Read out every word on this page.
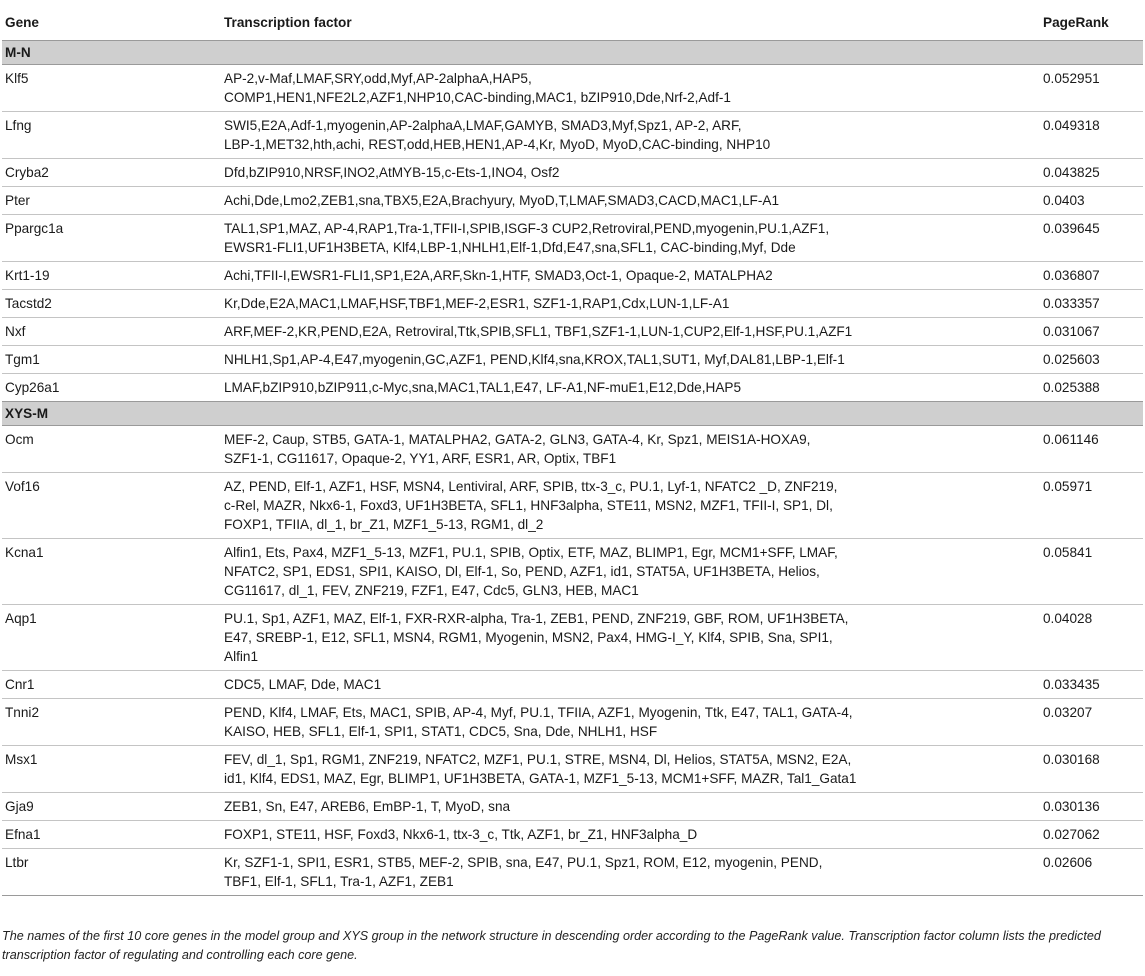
Gene	Transcription factor	PageRank
M-N		
Klf5	AP-2,v-Maf,LMAF,SRY,odd,Myf,AP-2alphaA,HAP5,
COMP1,HEN1,NFE2L2,AZF1,NHP10,CAC-binding,MAC1, bZIP910,Dde,Nrf-2,Adf-1	0.052951
Lfng	SWI5,E2A,Adf-1,myogenin,AP-2alphaA,LMAF,GAMYB, SMAD3,Myf,Spz1, AP-2, ARF,
LBP-1,MET32,hth,achi, REST,odd,HEB,HEN1,AP-4,Kr, MyoD, MyoD,CAC-binding, NHP10	0.049318
Cryba2	Dfd,bZIP910,NRSF,INO2,AtMYB-15,c-Ets-1,INO4, Osf2	0.043825
Pter	Achi,Dde,Lmo2,ZEB1,sna,TBX5,E2A,Brachyury, MyoD,T,LMAF,SMAD3,CACD,MAC1,LF-A1	0.0403
Ppargc1a	TAL1,SP1,MAZ, AP-4,RAP1,Tra-1,TFII-I,SPIB,ISGF-3 CUP2,Retroviral,PEND,myogenin,PU.1,AZF1,
EWSR1-FLI1,UF1H3BETA, Klf4,LBP-1,NHLH1,Elf-1,Dfd,E47,sna,SFL1, CAC-binding,Myf, Dde	0.039645
Krt1-19	Achi,TFII-I,EWSR1-FLI1,SP1,E2A,ARF,Skn-1,HTF, SMAD3,Oct-1, Opaque-2, MATALPHA2	0.036807
Tacstd2	Kr,Dde,E2A,MAC1,LMAF,HSF,TBF1,MEF-2,ESR1, SZF1-1,RAP1,Cdx,LUN-1,LF-A1	0.033357
Nxf	ARF,MEF-2,KR,PEND,E2A, Retroviral,Ttk,SPIB,SFL1, TBF1,SZF1-1,LUN-1,CUP2,Elf-1,HSF,PU.1,AZF1	0.031067
Tgm1	NHLH1,Sp1,AP-4,E47,myogenin,GC,AZF1, PEND,Klf4,sna,KROX,TAL1,SUT1, Myf,DAL81,LBP-1,Elf-1	0.025603
Cyp26a1	LMAF,bZIP910,bZIP911,c-Myc,sna,MAC1,TAL1,E47, LF-A1,NF-muE1,E12,Dde,HAP5	0.025388
XYS-M		
Ocm	MEF-2, Caup, STB5, GATA-1, MATALPHA2, GATA-2, GLN3, GATA-4, Kr, Spz1, MEIS1A-HOXA9,
SZF1-1, CG11617, Opaque-2, YY1, ARF, ESR1, AR, Optix, TBF1	0.061146
Vof16	AZ, PEND, Elf-1, AZF1, HSF, MSN4, Lentiviral, ARF, SPIB, ttx-3_c, PU.1, Lyf-1, NFATC2 _D, ZNF219,
c-Rel, MAZR, Nkx6-1, Foxd3, UF1H3BETA, SFL1, HNF3alpha, STE11, MSN2, MZF1, TFII-I, SP1, Dl,
FOXP1, TFIIA, dl_1, br_Z1, MZF1_5-13, RGM1, dl_2	0.05971
Kcna1	Alfin1, Ets, Pax4, MZF1_5-13, MZF1, PU.1, SPIB, Optix, ETF, MAZ, BLIMP1, Egr, MCM1+SFF, LMAF,
NFATC2, SP1, EDS1, SPI1, KAISO, Dl, Elf-1, So, PEND, AZF1, id1, STAT5A, UF1H3BETA, Helios,
CG11617, dl_1, FEV, ZNF219, FZF1, E47, Cdc5, GLN3, HEB, MAC1	0.05841
Aqp1	PU.1, Sp1, AZF1, MAZ, Elf-1, FXR-RXR-alpha, Tra-1, ZEB1, PEND, ZNF219, GBF, ROM, UF1H3BETA,
E47, SREBP-1, E12, SFL1, MSN4, RGM1, Myogenin, MSN2, Pax4, HMG-I_Y, Klf4, SPIB, Sna, SPI1,
Alfin1	0.04028
Cnr1	CDC5, LMAF, Dde, MAC1	0.033435
Tnni2	PEND, Klf4, LMAF, Ets, MAC1, SPIB, AP-4, Myf, PU.1, TFIIA, AZF1, Myogenin, Ttk, E47, TAL1, GATA-4,
KAISO, HEB, SFL1, Elf-1, SPI1, STAT1, CDC5, Sna, Dde, NHLH1, HSF	0.03207
Msx1	FEV, dl_1, Sp1, RGM1, ZNF219, NFATC2, MZF1, PU.1, STRE, MSN4, Dl, Helios, STAT5A, MSN2, E2A,
id1, Klf4, EDS1, MAZ, Egr, BLIMP1, UF1H3BETA, GATA-1, MZF1_5-13, MCM1+SFF, MAZR, Tal1_Gata1	0.030168
Gja9	ZEB1, Sn, E47, AREB6, EmBP-1, T, MyoD, sna	0.030136
Efna1	FOXP1, STE11, HSF, Foxd3, Nkx6-1, ttx-3_c, Ttk, AZF1, br_Z1, HNF3alpha_D	0.027062
Ltbr	Kr, SZF1-1, SPI1, ESR1, STB5, MEF-2, SPIB, sna, E47, PU.1, Spz1, ROM, E12, myogenin, PEND,
TBF1, Elf-1, SFL1, Tra-1, AZF1, ZEB1	0.02606
The names of the first 10 core genes in the model group and XYS group in the network structure in descending order according to the PageRank value. Transcription factor column lists the predicted transcription factor of regulating and controlling each core gene.
